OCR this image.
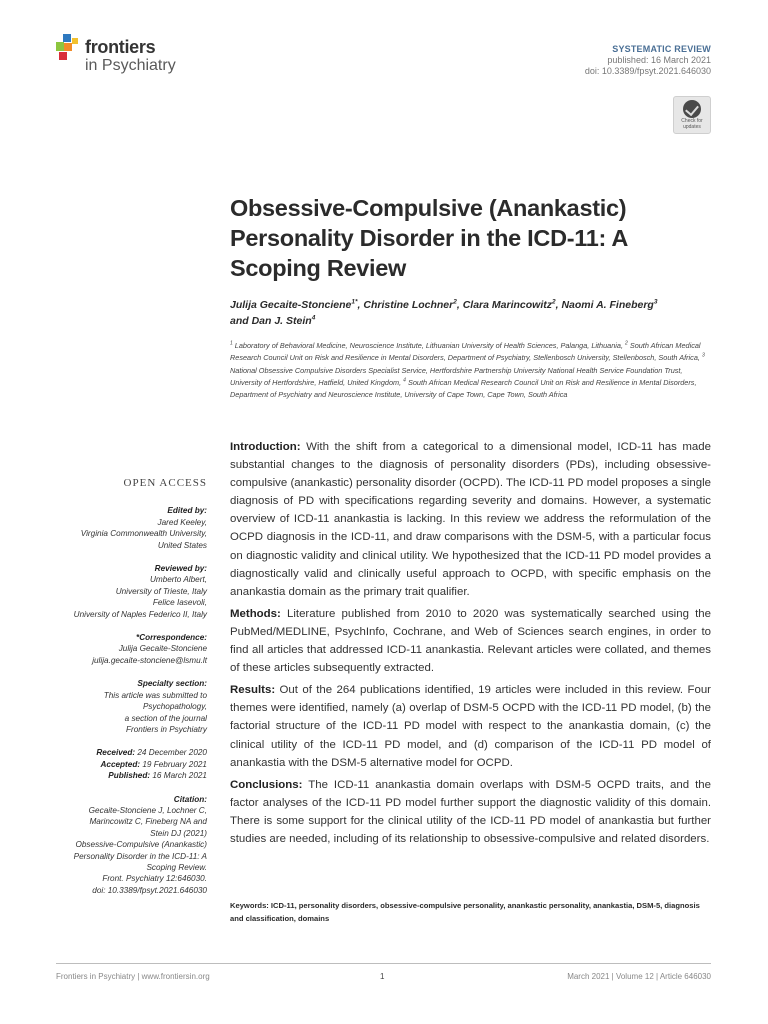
frontiers
in Psychiatry
SYSTEMATIC REVIEW
published: 16 March 2021
doi: 10.3389/fpsyt.2021.646030
Check for
updates
Obsessive-Compulsive (Anankastic) Personality Disorder in the ICD-11: A Scoping Review
Julija Gecaite-Stonciene$^{1*}$, Christine Lochner$^2$, Clara Marincowitz$^2$, Naomi A. Fineberg$^3$
and Dan J. Stein$^4$
$^1$ Laboratory of Behavioral Medicine, Neuroscience Institute, Lithuanian University of Health Sciences, Palanga, Lithuania, $^2$ South African Medical Research Council Unit on Risk and Resilience in Mental Disorders, Department of Psychiatry, Stellenbosch University, Stellenbosch, South Africa, $^3$ National Obsessive Compulsive Disorders Specialist Service, Hertfordshire Partnership University National Health Service Foundation Trust, University of Hertfordshire, Hatfield, United Kingdom, $^4$ South African Medical Research Council Unit on Risk and Resilience in Mental Disorders, Department of Psychiatry and Neuroscience Institute, University of Cape Town, Cape Town, South Africa
OPEN ACCESS
Edited by:
Jared Keeley,
Virginia Commonwealth University,
United States
Reviewed by:
Umberto Albert,
University of Trieste, Italy
Felice Iasevoli,
University of Naples Federico II, Italy
*Correspondence:
Julija Gecaite-Stonciene
julija.gecaite-stonciene@lsmu.lt
Specialty section:
This article was submitted to
Psychopathology,
a section of the journal
Frontiers in Psychiatry
Received: 24 December 2020
Accepted: 19 February 2021
Published: 16 March 2021
Citation:
Gecaite-Stonciene J, Lochner C,
Marincowitz C, Fineberg NA and
Stein DJ (2021)
Obsessive-Compulsive (Anankastic)
Personality Disorder in the ICD-11: A
Scoping Review.
Front. Psychiatry 12:646030.
doi: 10.3389/fpsyt.2021.646030

Introduction: With the shift from a categorical to a dimensional model, ICD-11 has made substantial changes to the diagnosis of personality disorders (PDs), including obsessive-compulsive (anankastic) personality disorder (OCPD). The ICD-11 PD model proposes a single diagnosis of PD with specifications regarding severity and domains. However, a systematic overview of ICD-11 anankastia is lacking. In this review we address the reformulation of the OCPD diagnosis in the ICD-11, and draw comparisons with the DSM-5, with a particular focus on diagnostic validity and clinical utility. We hypothesized that the ICD-11 PD model provides a diagnostically valid and clinically useful approach to OCPD, with specific emphasis on the anankastia domain as the primary trait qualifier.

Methods: Literature published from 2010 to 2020 was systematically searched using the PubMed/MEDLINE, PsychInfo, Cochrane, and Web of Sciences search engines, in order to find all articles that addressed ICD-11 anankastia. Relevant articles were collated, and themes of these articles subsequently extracted.

Results: Out of the 264 publications identified, 19 articles were included in this review. Four themes were identified, namely (a) overlap of DSM-5 OCPD with the ICD-11 PD model, (b) the factorial structure of the ICD-11 PD model with respect to the anankastia domain, (c) the clinical utility of the ICD-11 PD model, and (d) comparison of the ICD-11 PD model of anankastia with the DSM-5 alternative model for OCPD.

Conclusions: The ICD-11 anankastia domain overlaps with DSM-5 OCPD traits, and the factor analyses of the ICD-11 PD model further support the diagnostic validity of this domain. There is some support for the clinical utility of the ICD-11 PD model of anankastia but further studies are needed, including of its relationship to obsessive-compulsive and related disorders.

Keywords: ICD-11, personality disorders, obsessive-compulsive personality, anankastic personality, anankastia, DSM-5, diagnosis and classification, domains
Frontiers in Psychiatry | www.frontiersin.org	1	March 2021 | Volume 12 | Article 646030
